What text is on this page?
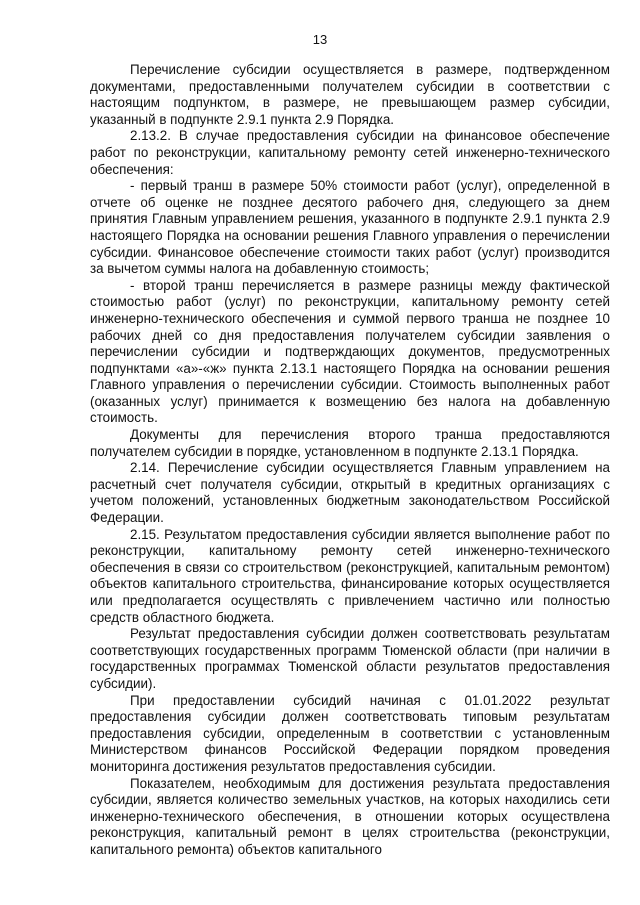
13

Перечисление субсидии осуществляется в размере, подтвержденном документами, предоставленными получателем субсидии в соответствии с настоящим подпунктом, в размере, не превышающем размер субсидии, указанный в подпункте 2.9.1 пункта 2.9 Порядка.

2.13.2. В случае предоставления субсидии на финансовое обеспечение работ по реконструкции, капитальному ремонту сетей инженерно-технического обеспечения:

- первый транш в размере 50% стоимости работ (услуг), определенной в отчете об оценке не позднее десятого рабочего дня, следующего за днем принятия Главным управлением решения, указанного в подпункте 2.9.1 пункта 2.9 настоящего Порядка на основании решения Главного управления о перечислении субсидии. Финансовое обеспечение стоимости таких работ (услуг) производится за вычетом суммы налога на добавленную стоимость;

- второй транш перечисляется в размере разницы между фактической стоимостью работ (услуг) по реконструкции, капитальному ремонту сетей инженерно-технического обеспечения и суммой первого транша не позднее 10 рабочих дней со дня предоставления получателем субсидии заявления о перечислении субсидии и подтверждающих документов, предусмотренных подпунктами «а»-«ж» пункта 2.13.1 настоящего Порядка на основании решения Главного управления о перечислении субсидии. Стоимость выполненных работ (оказанных услуг) принимается к возмещению без налога на добавленную стоимость.

Документы для перечисления второго транша предоставляются получателем субсидии в порядке, установленном в подпункте 2.13.1 Порядка.

2.14. Перечисление субсидии осуществляется Главным управлением на расчетный счет получателя субсидии, открытый в кредитных организациях с учетом положений, установленных бюджетным законодательством Российской Федерации.

2.15. Результатом предоставления субсидии является выполнение работ по реконструкции, капитальному ремонту сетей инженерно-технического обеспечения в связи со строительством (реконструкцией, капитальным ремонтом) объектов капитального строительства, финансирование которых осуществляется или предполагается осуществлять с привлечением частично или полностью средств областного бюджета.

Результат предоставления субсидии должен соответствовать результатам соответствующих государственных программ Тюменской области (при наличии в государственных программах Тюменской области результатов предоставления субсидии).

При предоставлении субсидий начиная с 01.01.2022 результат предоставления субсидии должен соответствовать типовым результатам предоставления субсидии, определенным в соответствии с установленным Министерством финансов Российской Федерации порядком проведения мониторинга достижения результатов предоставления субсидии.

Показателем, необходимым для достижения результата предоставления субсидии, является количество земельных участков, на которых находились сети инженерно-технического обеспечения, в отношении которых осуществлена реконструкция, капитальный ремонт в целях строительства (реконструкции, капитального ремонта) объектов капитального
